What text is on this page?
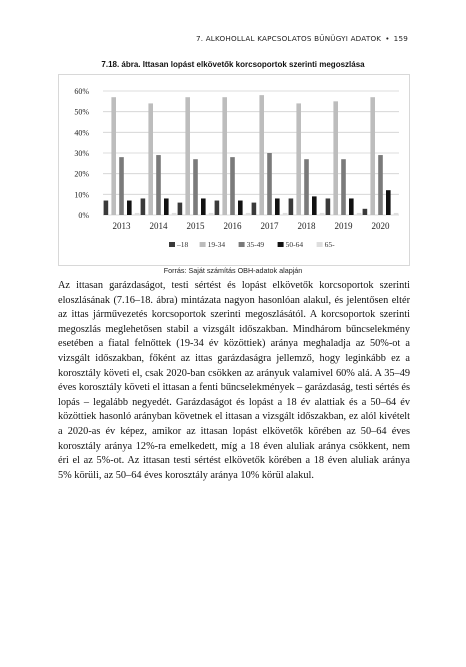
7. ALKOHOLLAL KAPCSOLATOS BŰNÜGYI ADATOK • 159
7.18. ábra. Ittasan lopást elkövetők korcsoportok szerinti megoszlása
0%
10%
20%
30%
40%
50%
60%
2013 2014 2015 2016 2017 2018 2019 2020
–18	19-34	35-49	50-64	65-
Forrás: Saját számítás OBH-adatok alapján

Az ittasan garázdaságot, testi sértést és lopást elkövetők korcsoportok szerinti eloszlásának (7.16–18. ábra) mintázata nagyon hasonlóan alakul, és jelentősen eltér az ittas járművezetés korcsoportok szerinti megoszlásától. A korcsoportok szerinti megoszlás meglehetősen stabil a vizsgált időszakban. Mindhárom bűncselekmény esetében a fiatal felnőttek (19-34 év közöttiek) aránya meghaladja az 50%-ot a vizsgált időszakban, főként az ittas garázdaságra jellemző, hogy leginkább ez a korosztály követi el, csak 2020-ban csökken az arányuk valamivel 60% alá. A 35–49 éves korosztály követi el ittasan a fenti bűncselekmények – garázdaság, testi sértés és lopás – legalább negyedét. Garázdaságot és lopást a 18 év alattiak és a 50–64 év közöttiek hasonló arányban követnek el ittasan a vizsgált időszakban, ez alól kivételt a 2020-as év képez, amikor az ittasan lopást elkövetők körében az 50–64 éves korosztály aránya 12%-ra emelkedett, míg a 18 éven aluliak aránya csökkent, nem éri el az 5%-ot. Az ittasan testi sértést elkövetők körében a 18 éven aluliak aránya 5% körüli, az 50–64 éves korosztály aránya 10% körül alakul.
